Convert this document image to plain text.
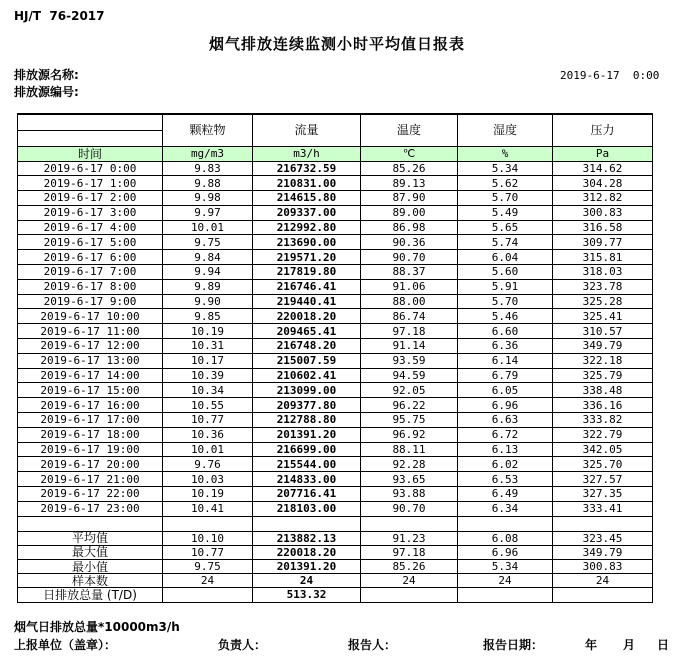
HJ/T  76-2017
烟气排放连续监测小时平均值日报表
排放源名称:
排放源编号:
2019-6-17  0:00
	颗粒物	流量	温度	湿度	压力

时间	mg/m3	m3/h	℃	%	Pa
2019-6-17 0:00	9.83	216732.59	85.26	5.34	314.62
2019-6-17 1:00	9.88	210831.00	89.13	5.62	304.28
2019-6-17 2:00	9.98	214615.80	87.90	5.70	312.82
2019-6-17 3:00	9.97	209337.00	89.00	5.49	300.83
2019-6-17 4:00	10.01	212992.80	86.98	5.65	316.58
2019-6-17 5:00	9.75	213690.00	90.36	5.74	309.77
2019-6-17 6:00	9.84	219571.20	90.70	6.04	315.81
2019-6-17 7:00	9.94	217819.80	88.37	5.60	318.03
2019-6-17 8:00	9.89	216746.41	91.06	5.91	323.78
2019-6-17 9:00	9.90	219440.41	88.00	5.70	325.28
2019-6-17 10:00	9.85	220018.20	86.74	5.46	325.41
2019-6-17 11:00	10.19	209465.41	97.18	6.60	310.57
2019-6-17 12:00	10.31	216748.20	91.14	6.36	349.79
2019-6-17 13:00	10.17	215007.59	93.59	6.14	322.18
2019-6-17 14:00	10.39	210602.41	94.59	6.79	325.79
2019-6-17 15:00	10.34	213099.00	92.05	6.05	338.48
2019-6-17 16:00	10.55	209377.80	96.22	6.96	336.16
2019-6-17 17:00	10.77	212788.80	95.75	6.63	333.82
2019-6-17 18:00	10.36	201391.20	96.92	6.72	322.79
2019-6-17 19:00	10.01	216699.00	88.11	6.13	342.05
2019-6-17 20:00	9.76	215544.00	92.28	6.02	325.70
2019-6-17 21:00	10.03	214833.00	93.65	6.53	327.57
2019-6-17 22:00	10.19	207716.41	93.88	6.49	327.35
2019-6-17 23:00	10.41	218103.00	90.70	6.34	333.41

平均值	10.10	213882.13	91.23	6.08	323.45
最大值	10.77	220018.20	97.18	6.96	349.79
最小值	9.75	201391.20	85.26	5.34	300.83
样本数	24	24	24	24	24
日排放总量 (T/D)		513.32			
烟气日排放总量*10000m3/h
上报单位（盖章）：	负责人：	报告人：	报告日期：	年 月 日
